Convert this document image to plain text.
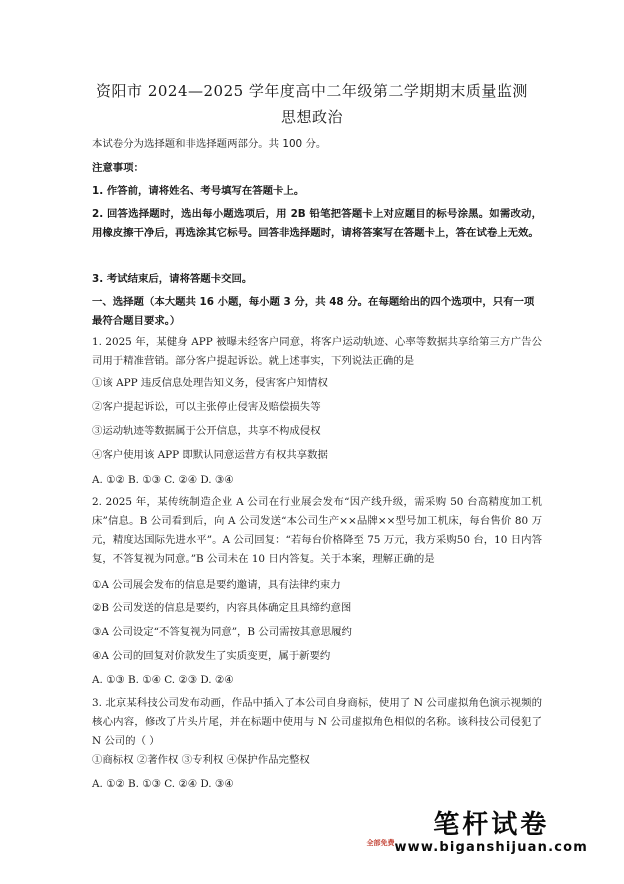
资阳市 2024—2025 学年度高中二年级第二学期期末质量监测
思想政治
本试卷分为选择题和非选择题两部分。共 100 分。
注意事项：
1. 作答前，请将姓名、考号填写在答题卡上。

2. 回答选择题时，选出每小题选项后，用 2B 铅笔把答题卡上对应题目的标号涂黑。如需改动，用橡皮擦干净后，再选涂其它标号。回答非选择题时，请将答案写在答题卡上，答在试卷上无效。

3. 考试结束后，请将答题卡交回。
一、选择题（本大题共 16 小题，每小题 3 分，共 48 分。在每题给出的四个选项中，只有一项最符合题目要求。）

1. 2025 年，某健身 APP 被曝未经客户同意，将客户运动轨迹、心率等数据共享给第三方广告公司用于精准营销。部分客户提起诉讼。就上述事实，下列说法正确的是

①该 APP 违反信息处理告知义务，侵害客户知情权
②客户提起诉讼，可以主张停止侵害及赔偿损失等
③运动轨迹等数据属于公开信息，共享不构成侵权
④客户使用该 APP 即默认同意运营方有权共享数据
A. ①② B. ①③ C. ②④ D. ③④

2. 2025 年，某传统制造企业 A 公司在行业展会发布“因产线升级，需采购 50 台高精度加工机床”信息。B 公司看到后，向 A 公司发送“本公司生产××品牌××型号加工机床，每台售价 80 万元，精度达国际先进水平”。A 公司回复：“若每台价格降至 75 万元，我方采购50 台，10 日内答复，不答复视为同意。”B 公司未在 10 日内答复。关于本案，理解正确的是

①A 公司展会发布的信息是要约邀请，具有法律约束力
②B 公司发送的信息是要约，内容具体确定且具缔约意图
③A 公司设定“不答复视为同意”，B 公司需按其意思履约
④A 公司的回复对价款发生了实质变更，属于新要约
A. ①③ B. ①④ C. ②③ D. ②④

3. 北京某科技公司发布动画，作品中插入了本公司自身商标，使用了 N 公司虚拟角色演示视频的核心内容，修改了片头片尾，并在标题中使用与 N 公司虚拟角色相似的名称。该科技公司侵犯了 N 公司的（ ）

①商标权 ②著作权 ③专利权 ④保护作品完整权
A. ①② B. ①③ C. ②④ D. ③④
全部免费
笔杆试卷
www.biganshijuan.com
